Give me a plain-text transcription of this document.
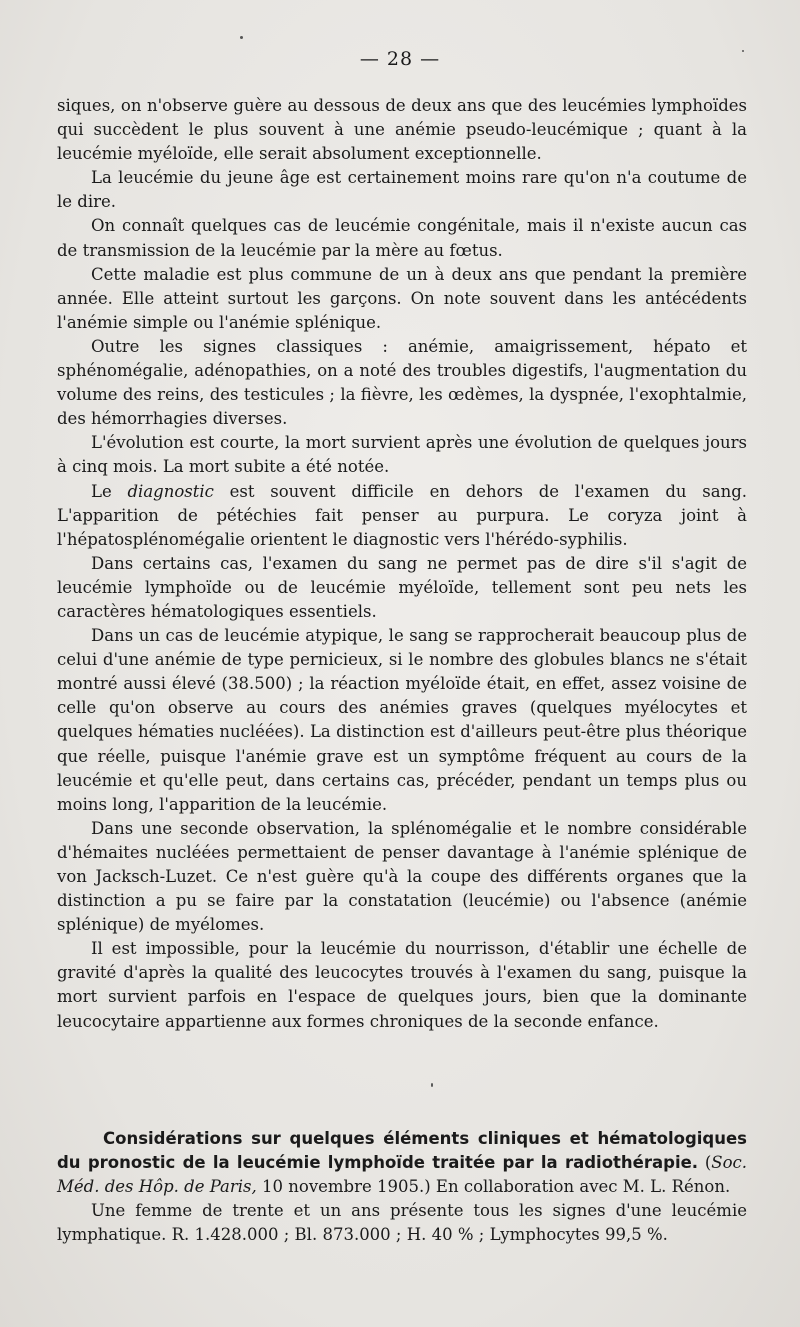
— 28 —

siques, on n'observe guère au dessous de deux ans que des leucémies lymphoïdes qui succèdent le plus souvent à une anémie pseudo-leucémique ; quant à la leucémie myéloïde, elle serait absolument exceptionnelle.

La leucémie du jeune âge est certainement moins rare qu'on n'a coutume de le dire.

On connaît quelques cas de leucémie congénitale, mais il n'existe aucun cas de transmission de la leucémie par la mère au fœtus.

Cette maladie est plus commune de un à deux ans que pendant la première année. Elle atteint surtout les garçons. On note souvent dans les antécédents l'anémie simple ou l'anémie splénique.

Outre les signes classiques : anémie, amaigrissement, hépato et sphénomégalie, adénopathies, on a noté des troubles digestifs, l'augmentation du volume des reins, des testicules ; la fièvre, les œdèmes, la dyspnée, l'exophtalmie, des hémorrhagies diverses.

L'évolution est courte, la mort survient après une évolution de quelques jours à cinq mois. La mort subite a été notée.

Le diagnostic est souvent difficile en dehors de l'examen du sang. L'apparition de pétéchies fait penser au purpura. Le coryza joint à l'hépatosplénomégalie orientent le diagnostic vers l'hérédo-syphilis.

Dans certains cas, l'examen du sang ne permet pas de dire s'il s'agit de leucémie lymphoïde ou de leucémie myéloïde, tellement sont peu nets les caractères hématologiques essentiels.

Dans un cas de leucémie atypique, le sang se rapprocherait beaucoup plus de celui d'une anémie de type pernicieux, si le nombre des globules blancs ne s'était montré aussi élevé (38.500) ; la réaction myéloïde était, en effet, assez voisine de celle qu'on observe au cours des anémies graves (quelques myélocytes et quelques hématies nucléées). La distinction est d'ailleurs peut-être plus théorique que réelle, puisque l'anémie grave est un symptôme fréquent au cours de la leucémie et qu'elle peut, dans certains cas, précéder, pendant un temps plus ou moins long, l'apparition de la leucémie.

Dans une seconde observation, la splénomégalie et le nombre considérable d'hémaites nucléées permettaient de penser davantage à l'anémie splénique de von Jacksch-Luzet. Ce n'est guère qu'à la coupe des différents organes que la distinction a pu se faire par la constatation (leucémie) ou l'absence (anémie splénique) de myélomes.

Il est impossible, pour la leucémie du nourrisson, d'établir une échelle de gravité d'après la qualité des leucocytes trouvés à l'examen du sang, puisque la mort survient parfois en l'espace de quelques jours, bien que la dominante leucocytaire appartienne aux formes chroniques de la seconde enfance.

Considérations sur quelques éléments cliniques et hématologiques du pronostic de la leucémie lymphoïde traitée par la radiothérapie. (Soc. Méd. des Hôp. de Paris, 10 novembre 1905.) En collaboration avec M. L. Rénon.

Une femme de trente et un ans présente tous les signes d'une leucémie lymphatique. R. 1.428.000 ; Bl. 873.000 ; H. 40 % ; Lymphocytes 99,5 %.
